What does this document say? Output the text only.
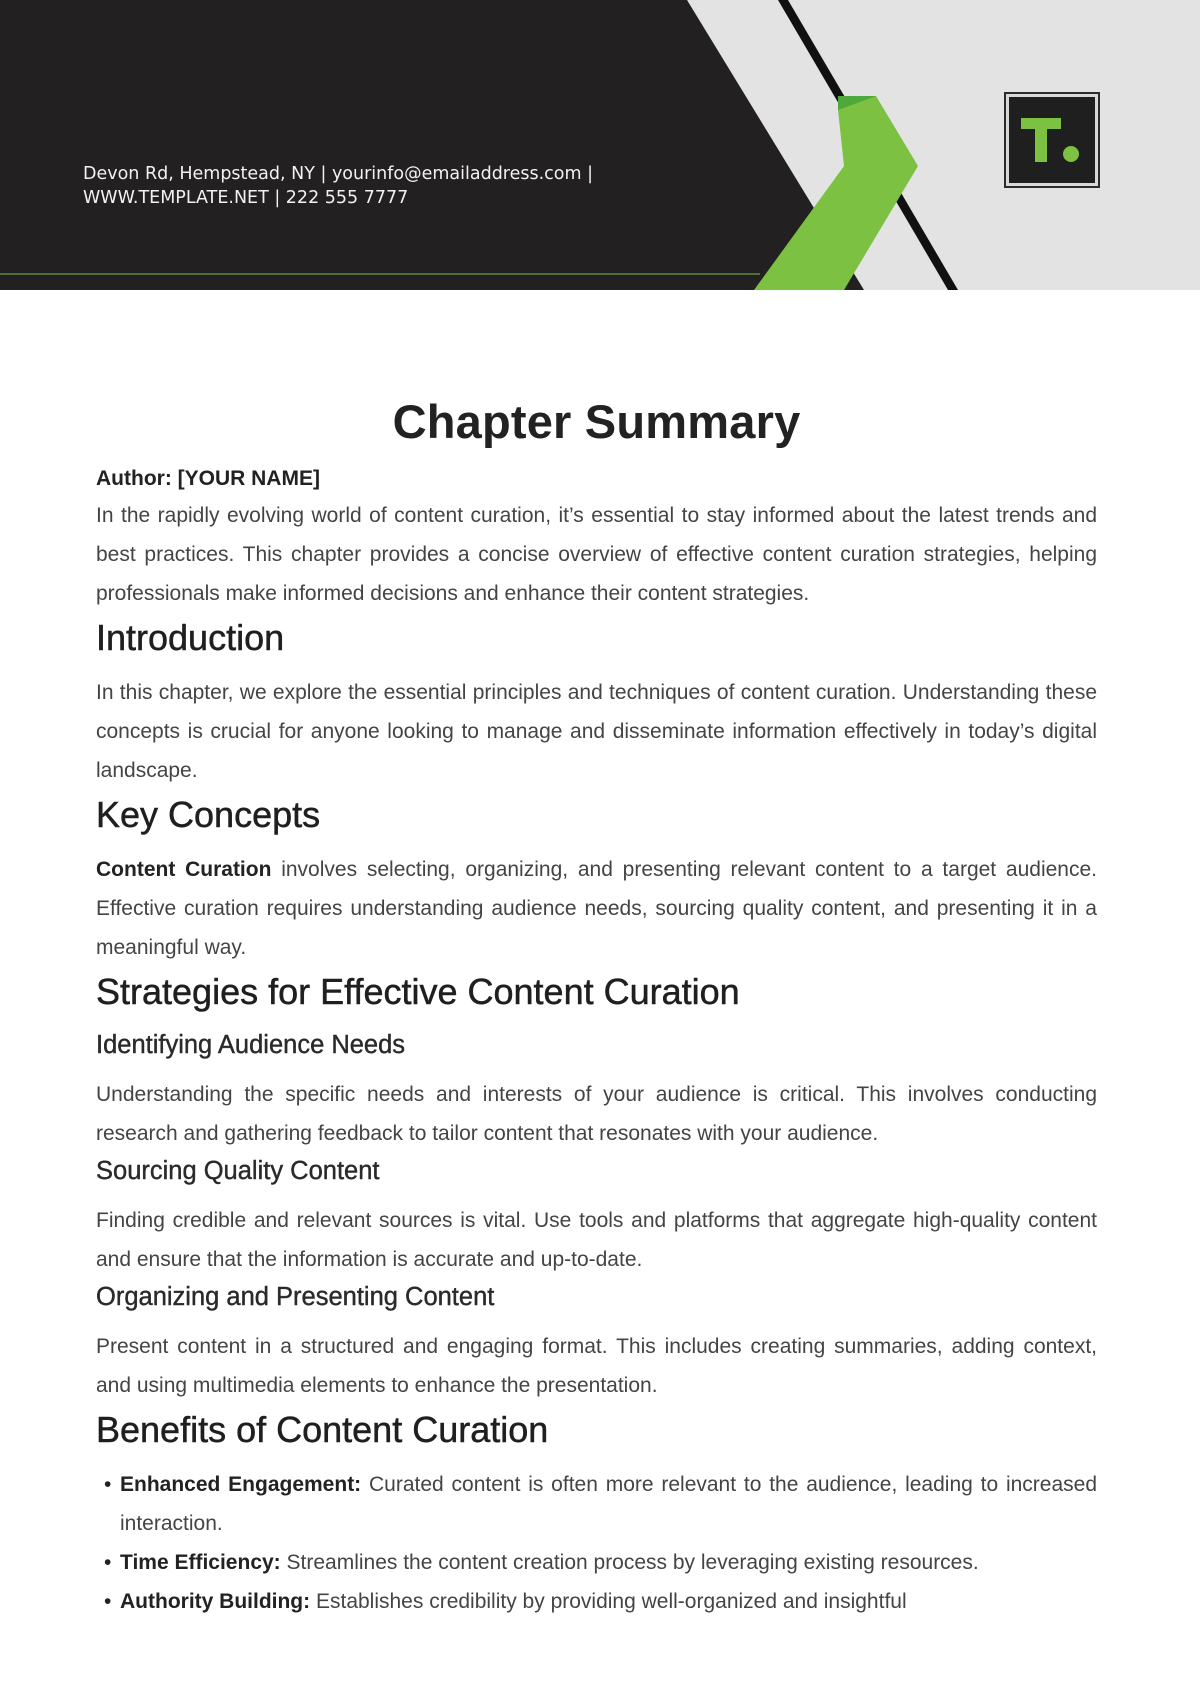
Devon Rd, Hempstead, NY | yourinfo@emailaddress.com |
WWW.TEMPLATE.NET | 222 555 7777
Chapter Summary
Author: [YOUR NAME]

In the rapidly evolving world of content curation, it’s essential to stay informed about the latest trends and best practices. This chapter provides a concise overview of effective content curation strategies, helping professionals make informed decisions and enhance their content strategies.

Introduction

In this chapter, we explore the essential principles and techniques of content curation. Understanding these concepts is crucial for anyone looking to manage and disseminate information effectively in today’s digital landscape.

Key Concepts

Content Curation involves selecting, organizing, and presenting relevant content to a target audience. Effective curation requires understanding audience needs, sourcing quality content, and presenting it in a meaningful way.

Strategies for Effective Content Curation
Identifying Audience Needs

Understanding the specific needs and interests of your audience is critical. This involves conducting research and gathering feedback to tailor content that resonates with your audience.

Sourcing Quality Content

Finding credible and relevant sources is vital. Use tools and platforms that aggregate high-quality content and ensure that the information is accurate and up-to-date.

Organizing and Presenting Content

Present content in a structured and engaging format. This includes creating summaries, adding context, and using multimedia elements to enhance the presentation.

Benefits of Content Curation
• Enhanced Engagement: Curated content is often more relevant to the audience, leading to increased interaction.
• Time Efficiency: Streamlines the content creation process by leveraging existing resources.
• Authority Building: Establishes credibility by providing well-organized and insightful
